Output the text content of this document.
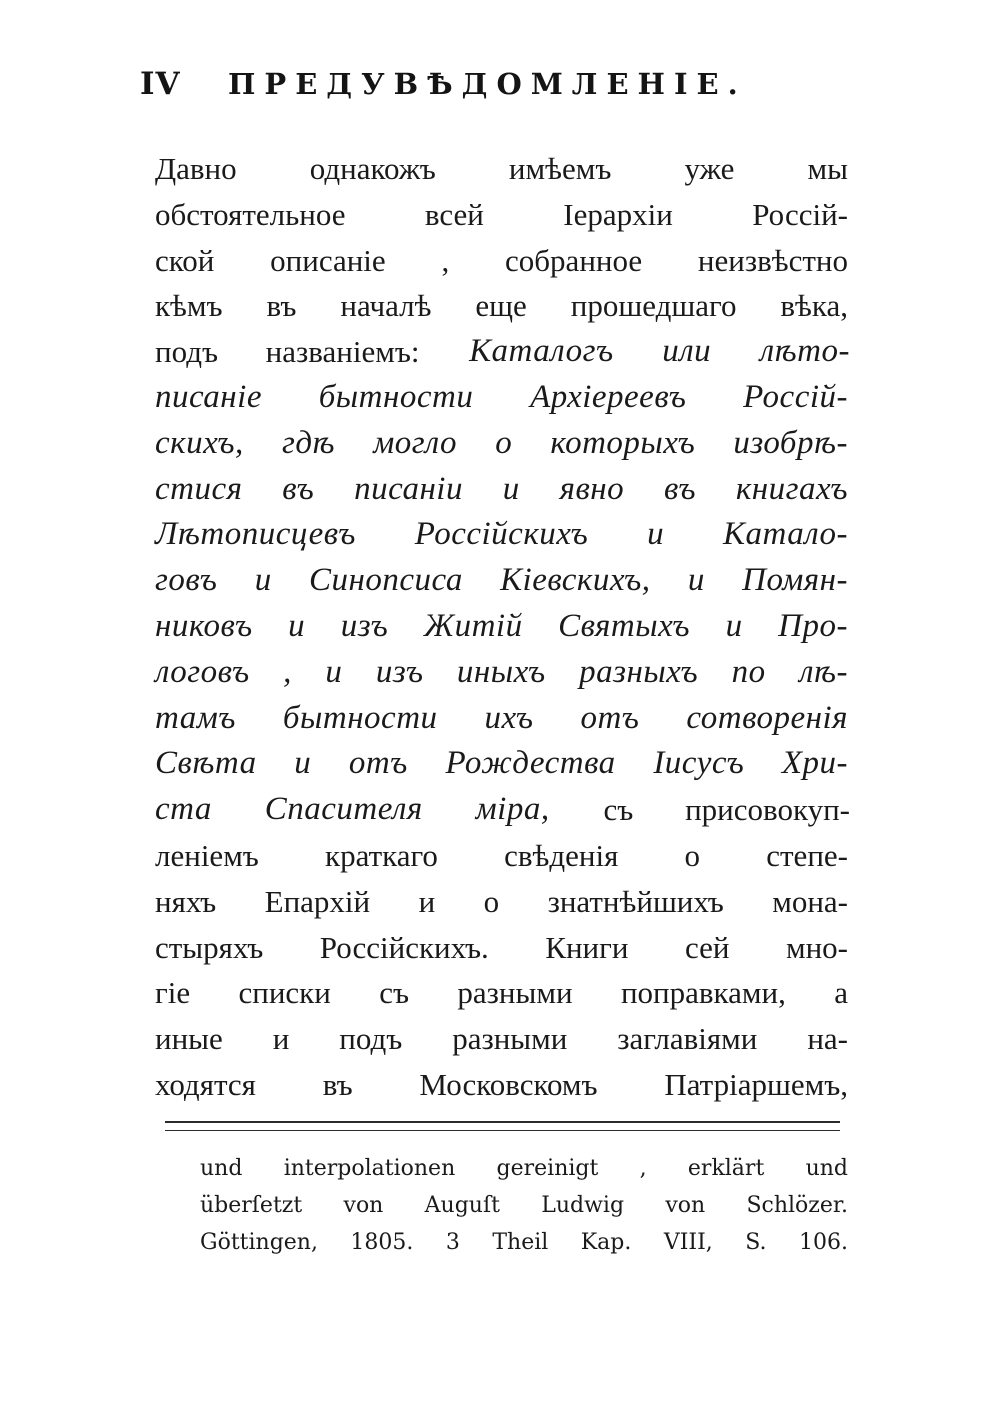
IV	ПРЕДУВѢДОМЛЕНІЕ.
Давно однакожъ имѣемъ уже мы
обстоятельное всей Іерархіи Россій-
ской описаніе , собранное неизвѣстно
кѣмъ въ началѣ еще прошедшаго вѣка,
подъ названіемъ: Каталогъ или лѣто-
писаніе бытности Архіереевъ Россій-
скихъ, гдѣ могло о которыхъ изобрѣ-
стися въ писаніи и явно въ книгахъ
Лѣтописцевъ Россійскихъ и Катало-
говъ и Синопсиса Кіевскихъ, и Помян-
никовъ и изъ Житій Святыхъ и Про-
логовъ , и изъ иныхъ разныхъ по лѣ-
тамъ бытности ихъ отъ сотворенія
Свѣта и отъ Рождества Іисусъ Хри-
ста Спасителя міра, съ присовокуп-
леніемъ краткаго свѣденія о степе-
няхъ Епархій и о знатнѣйшихъ мона-
стыряхъ Россійскихъ. Книги сей мно-
гіе списки съ разными поправками, а
иные и подъ разными заглавіями на-
ходятся въ Московскомъ Патріаршемъ,
und interpolationen gereinigt , erklärt und
überſetzt von Auguſt Ludwig von Schlözer.
Göttingen, 1805. 3 Theil Kap. VIII, S. 106.
